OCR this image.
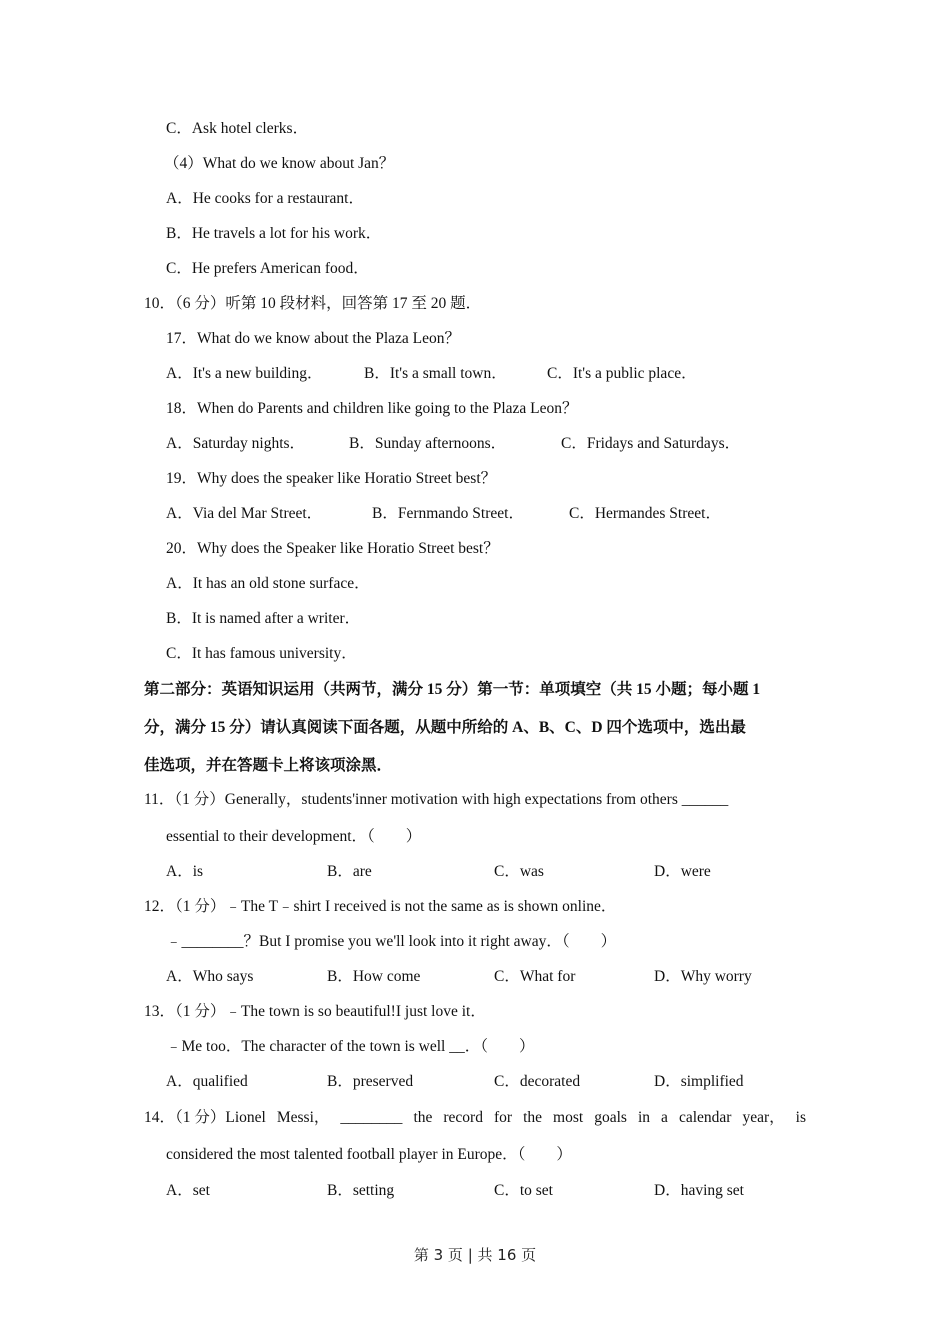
C．Ask hotel clerks．
（4）What do we know about Jan？
A．He cooks for a restaurant．
B．He travels a lot for his work．
C．He prefers American food．
10．（6 分）听第 10 段材料，回答第 17 至 20 题．
17．What do we know about the Plaza Leon？
A．It's a new building．	B．It's a small town．	C．It's a public place．
18．When do Parents and children like going to the Plaza Leon？
A．Saturday nights．	B．Sunday afternoons．	C．Fridays and Saturdays．
19．Why does the speaker like Horatio Street best？
A．Via del Mar Street．	B．Fernmando Street．	C．Hermandes Street．
20．Why does the Speaker like Horatio Street best？
A．It has an old stone surface．
B．It is named after a writer．
C．It has famous university．
第二部分：英语知识运用（共两节，满分 15 分）第一节：单项填空（共 15 小题；每小题 1
分，满分 15 分）请认真阅读下面各题，从题中所给的 A、B、C、D 四个选项中，选出最
佳选项，并在答题卡上将该项涂黑．
11．（1 分）Generally，students'inner motivation with high expectations from others ______
essential to their development．（　　）
A．is	B．are	C．was	D．were
12．（1 分）﹣The T﹣shirt I received is not the same as is shown online．
﹣________？But I promise you we'll look into it right away．（　　）
A．Who says	B．How come	C．What for	D．Why worry
13．（1 分）﹣The town is so beautiful!I just love it．
﹣Me too．The character of the town is well __．（　　）
A．qualified	B．preserved	C．decorated	D．simplified
14．（1 分）Lionel Messi， ________ the record for the most goals in a calendar year， is
considered the most talented football player in Europe．（　　）
A．set	B．setting	C．to set	D．having set
第 3 页 | 共 16 页
